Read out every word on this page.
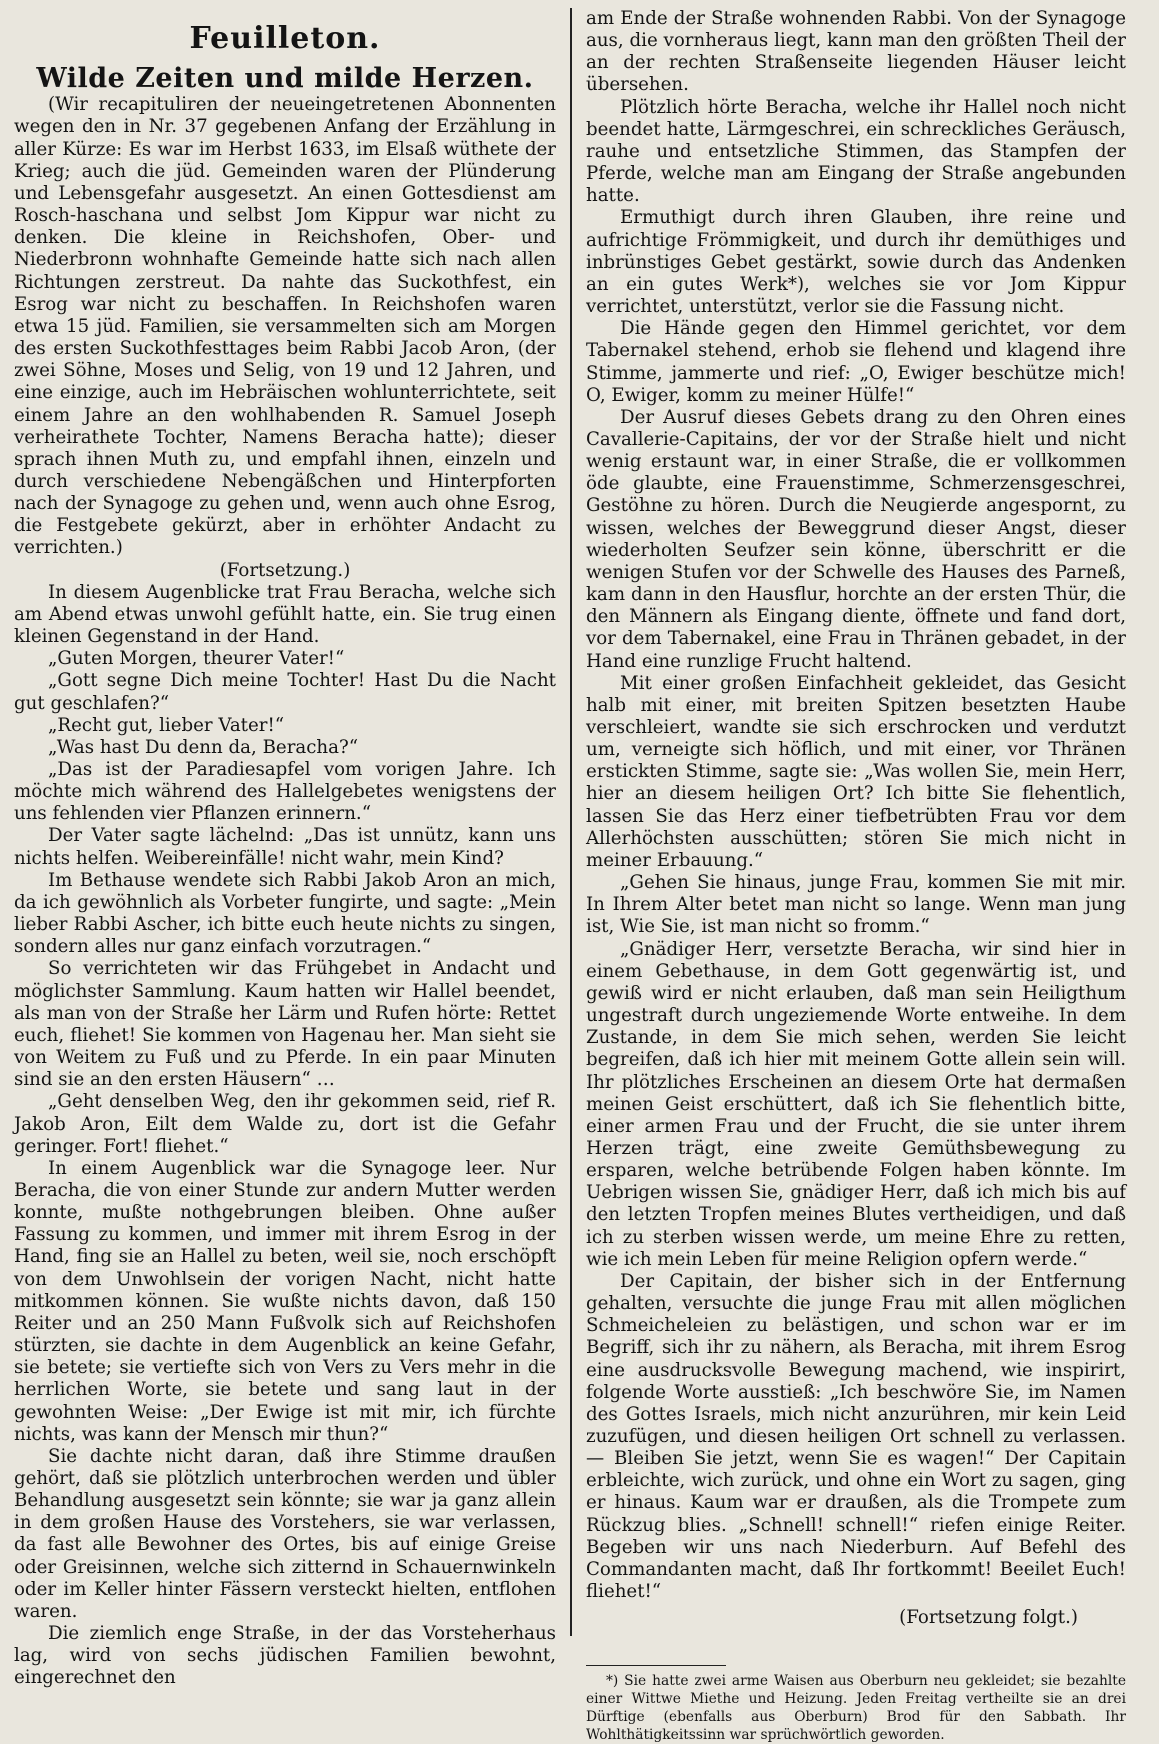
Feuilleton.
Wilde Zeiten und milde Herzen.

(Wir recapituliren der neueingetretenen Abonnenten wegen den in Nr. 37 gegebenen Anfang der Erzählung in aller Kürze: Es war im Herbst 1633, im Elsaß wüthete der Krieg; auch die jüd. Gemeinden waren der Plünderung und Lebensgefahr ausgesetzt. An einen Gottesdienst am Rosch-haschana und selbst Jom Kippur war nicht zu denken. Die kleine in Reichshofen, Ober- und Niederbronn wohnhafte Gemeinde hatte sich nach allen Richtungen zerstreut. Da nahte das Suckothfest, ein Esrog war nicht zu beschaffen. In Reichshofen waren etwa 15 jüd. Familien, sie versammelten sich am Morgen des ersten Suckothfesttages beim Rabbi Jacob Aron, (der zwei Söhne, Moses und Selig, von 19 und 12 Jahren, und eine einzige, auch im Hebräischen wohlunterrichtete, seit einem Jahre an den wohlhabenden R. Samuel Joseph verheirathete Tochter, Namens Beracha hatte); dieser sprach ihnen Muth zu, und empfahl ihnen, einzeln und durch verschiedene Nebengäßchen und Hinterpforten nach der Synagoge zu gehen und, wenn auch ohne Esrog, die Festgebete gekürzt, aber in erhöhter Andacht zu verrichten.)

(Fortsetzung.)

In diesem Augenblicke trat Frau Beracha, welche sich am Abend etwas unwohl gefühlt hatte, ein. Sie trug einen kleinen Gegenstand in der Hand.

„Guten Morgen, theurer Vater!“

„Gott segne Dich meine Tochter! Hast Du die Nacht gut geschlafen?“

„Recht gut, lieber Vater!“

„Was hast Du denn da, Beracha?“

„Das ist der Paradiesapfel vom vorigen Jahre. Ich möchte mich während des Hallelgebetes wenigstens der uns fehlenden vier Pflanzen erinnern.“

Der Vater sagte lächelnd: „Das ist unnütz, kann uns nichts helfen. Weibereinfälle! nicht wahr, mein Kind?

Im Bethause wendete sich Rabbi Jakob Aron an mich, da ich gewöhnlich als Vorbeter fungirte, und sagte: „Mein lieber Rabbi Ascher, ich bitte euch heute nichts zu singen, sondern alles nur ganz einfach vorzutragen.“

So verrichteten wir das Frühgebet in Andacht und möglichster Sammlung. Kaum hatten wir Hallel beendet, als man von der Straße her Lärm und Rufen hörte: Rettet euch, fliehet! Sie kommen von Hagenau her. Man sieht sie von Weitem zu Fuß und zu Pferde. In ein paar Minuten sind sie an den ersten Häusern“ …

„Geht denselben Weg, den ihr gekommen seid, rief R. Jakob Aron, Eilt dem Walde zu, dort ist die Gefahr geringer. Fort! fliehet.“

In einem Augenblick war die Synagoge leer. Nur Beracha, die von einer Stunde zur andern Mutter werden konnte, mußte nothgebrungen bleiben. Ohne außer Fassung zu kommen, und immer mit ihrem Esrog in der Hand, fing sie an Hallel zu beten, weil sie, noch erschöpft von dem Unwohlsein der vorigen Nacht, nicht hatte mitkommen können. Sie wußte nichts davon, daß 150 Reiter und an 250 Mann Fußvolk sich auf Reichshofen stürzten, sie dachte in dem Augenblick an keine Gefahr, sie betete; sie vertiefte sich von Vers zu Vers mehr in die herrlichen Worte, sie betete und sang laut in der gewohnten Weise: „Der Ewige ist mit mir, ich fürchte nichts, was kann der Mensch mir thun?“

Sie dachte nicht daran, daß ihre Stimme draußen gehört, daß sie plötzlich unterbrochen werden und übler Behandlung ausgesetzt sein könnte; sie war ja ganz allein in dem großen Hause des Vorstehers, sie war verlassen, da fast alle Bewohner des Ortes, bis auf einige Greise oder Greisinnen, welche sich zitternd in Schauernwinkeln oder im Keller hinter Fässern versteckt hielten, entflohen waren.

Die ziemlich enge Straße, in der das Vorsteherhaus lag, wird von sechs jüdischen Familien bewohnt, eingerechnet den

am Ende der Straße wohnenden Rabbi. Von der Synagoge aus, die vornheraus liegt, kann man den größten Theil der an der rechten Straßenseite liegenden Häuser leicht übersehen.

Plötzlich hörte Beracha, welche ihr Hallel noch nicht beendet hatte, Lärmgeschrei, ein schreckliches Geräusch, rauhe und entsetzliche Stimmen, das Stampfen der Pferde, welche man am Eingang der Straße angebunden hatte.

Ermuthigt durch ihren Glauben, ihre reine und aufrichtige Frömmigkeit, und durch ihr demüthiges und inbrünstiges Gebet gestärkt, sowie durch das Andenken an ein gutes Werk*), welches sie vor Jom Kippur verrichtet, unterstützt, verlor sie die Fassung nicht.

Die Hände gegen den Himmel gerichtet, vor dem Tabernakel stehend, erhob sie flehend und klagend ihre Stimme, jammerte und rief: „O, Ewiger beschütze mich! O, Ewiger, komm zu meiner Hülfe!“

Der Ausruf dieses Gebets drang zu den Ohren eines Cavallerie-Capitains, der vor der Straße hielt und nicht wenig erstaunt war, in einer Straße, die er vollkommen öde glaubte, eine Frauenstimme, Schmerzensgeschrei, Gestöhne zu hören. Durch die Neugierde angespornt, zu wissen, welches der Beweggrund dieser Angst, dieser wiederholten Seufzer sein könne, überschritt er die wenigen Stufen vor der Schwelle des Hauses des Parneß, kam dann in den Hausflur, horchte an der ersten Thür, die den Männern als Eingang diente, öffnete und fand dort, vor dem Tabernakel, eine Frau in Thränen gebadet, in der Hand eine runzlige Frucht haltend.

Mit einer großen Einfachheit gekleidet, das Gesicht halb mit einer, mit breiten Spitzen besetzten Haube verschleiert, wandte sie sich erschrocken und verdutzt um, verneigte sich höflich, und mit einer, vor Thränen erstickten Stimme, sagte sie: „Was wollen Sie, mein Herr, hier an diesem heiligen Ort? Ich bitte Sie flehentlich, lassen Sie das Herz einer tiefbetrübten Frau vor dem Allerhöchsten ausschütten; stören Sie mich nicht in meiner Erbauung.“

„Gehen Sie hinaus, junge Frau, kommen Sie mit mir. In Ihrem Alter betet man nicht so lange. Wenn man jung ist, Wie Sie, ist man nicht so fromm.“

„Gnädiger Herr, versetzte Beracha, wir sind hier in einem Gebethause, in dem Gott gegenwärtig ist, und gewiß wird er nicht erlauben, daß man sein Heiligthum ungestraft durch ungeziemende Worte entweihe. In dem Zustande, in dem Sie mich sehen, werden Sie leicht begreifen, daß ich hier mit meinem Gotte allein sein will. Ihr plötzliches Erscheinen an diesem Orte hat dermaßen meinen Geist erschüttert, daß ich Sie flehentlich bitte, einer armen Frau und der Frucht, die sie unter ihrem Herzen trägt, eine zweite Gemüthsbewegung zu ersparen, welche betrübende Folgen haben könnte. Im Uebrigen wissen Sie, gnädiger Herr, daß ich mich bis auf den letzten Tropfen meines Blutes vertheidigen, und daß ich zu sterben wissen werde, um meine Ehre zu retten, wie ich mein Leben für meine Religion opfern werde.“

Der Capitain, der bisher sich in der Entfernung gehalten, versuchte die junge Frau mit allen möglichen Schmeicheleien zu belästigen, und schon war er im Begriff, sich ihr zu nähern, als Beracha, mit ihrem Esrog eine ausdrucksvolle Bewegung machend, wie inspirirt, folgende Worte ausstieß: „Ich beschwöre Sie, im Namen des Gottes Israels, mich nicht anzurühren, mir kein Leid zuzufügen, und diesen heiligen Ort schnell zu verlassen. — Bleiben Sie jetzt, wenn Sie es wagen!“ Der Capitain erbleichte, wich zurück, und ohne ein Wort zu sagen, ging er hinaus. Kaum war er draußen, als die Trompete zum Rückzug blies. „Schnell! schnell!“ riefen einige Reiter. Begeben wir uns nach Niederburn. Auf Befehl des Commandanten macht, daß Ihr fortkommt! Beeilet Euch! fliehet!“

(Fortsetzung folgt.)

*) Sie hatte zwei arme Waisen aus Oberburn neu gekleidet; sie bezahlte einer Wittwe Miethe und Heizung. Jeden Freitag vertheilte sie an drei Dürftige (ebenfalls aus Oberburn) Brod für den Sabbath. Ihr Wohlthätigkeitssinn war sprüchwörtlich geworden.
